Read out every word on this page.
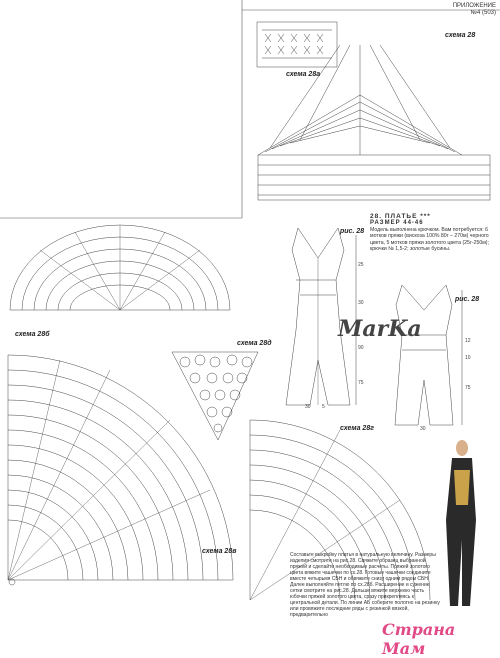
ПРИЛОЖЕНИЕ
№4 (503)
схема 28а
схема 28
схема 28б
схема 28д
схема 28в
схема 28г
рис. 28
рис. 28
25
30
90
75
30 5
12
10
75
30
28. ПЛАТЬЕ ***
РАЗМЕР 44-46
Модель выполнена крючком. Вам потребуется: 6 мотков пряжи (вискоза 100% 80г – 270м) черного цвета, 5 мотков пряжи золотого цвета (25г-250м); крючки № 1,5-2; золотые бусины.
Составьте выкройку платья в натуральную величину. Размеры изделия смотрите на рис.28. Свяжите образец выбранной пряжей и сделайте необходимые расчеты. Пряжей золотого цвета вяжите чашечки по сх.28. Готовые чашечки соедините вместе четырьмя СБН и обвяжите снизу одним рядом СБН. Далее выполняйте петлю по сх.28б. Расширение и сужение сетки смотрите на рис.28. Дальше вяжите верхнюю часть юбочки пряжей золотого цвета, сразу прикрепляясь к центральной детали. По линии АБ соберите полотно на резинку или провяжите последние ряды с резинкой вязкой, предварительно
MarKa
Страна Мам
